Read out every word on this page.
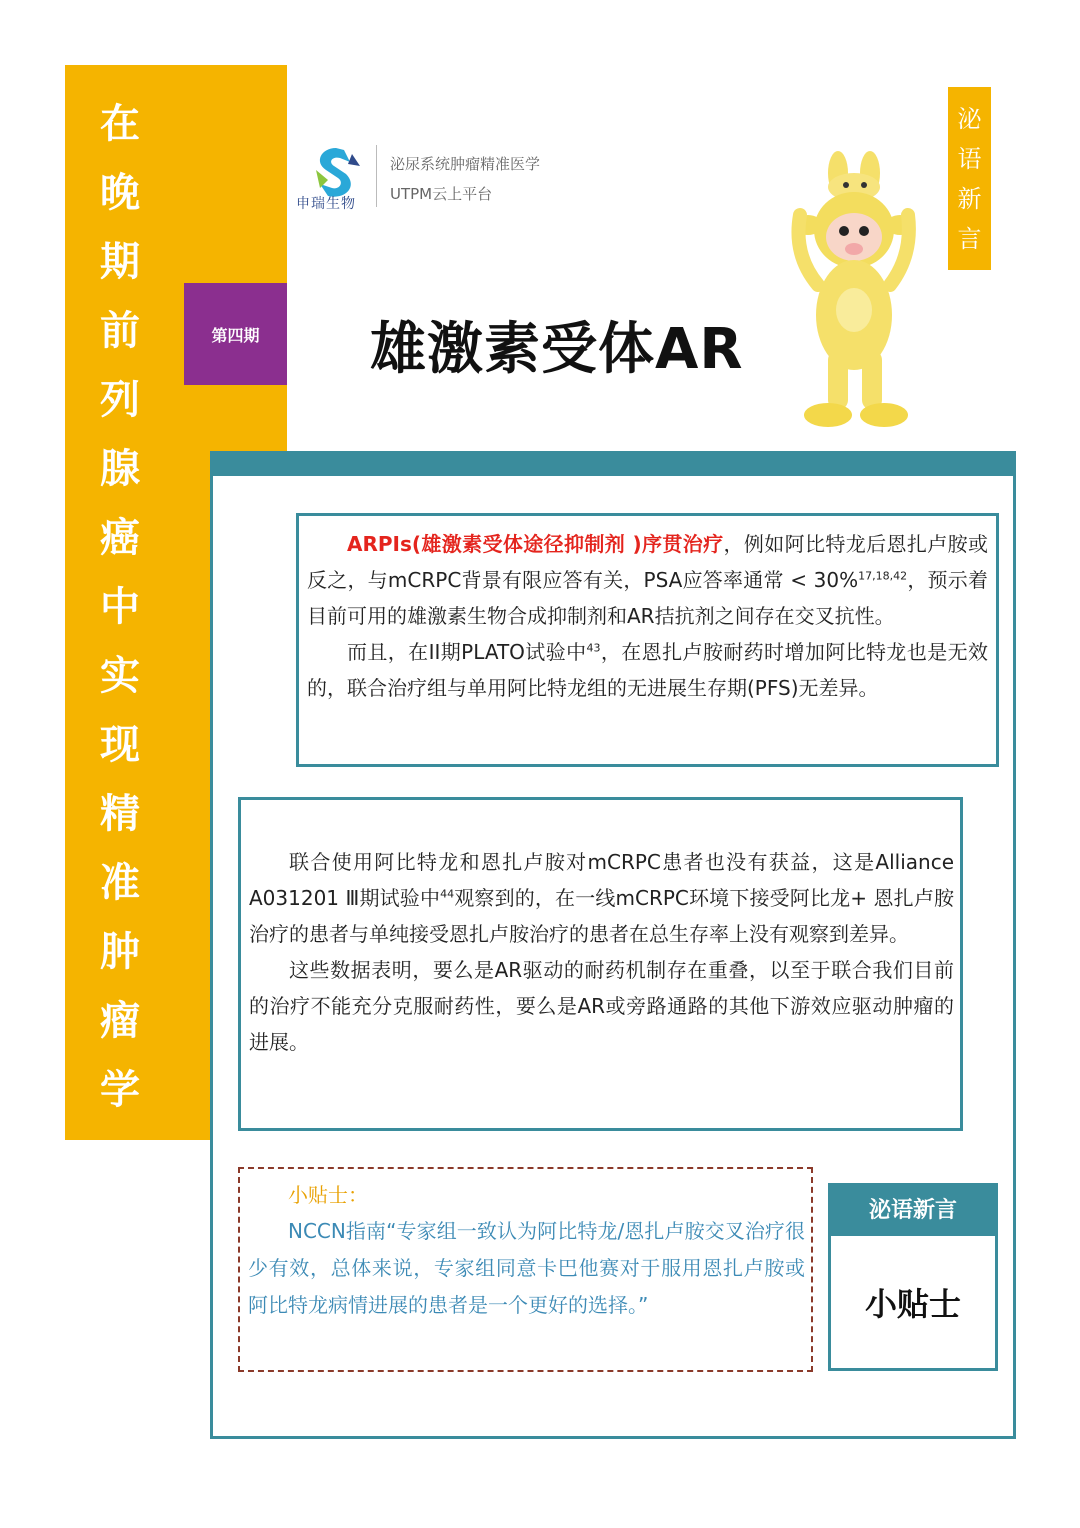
在
晚
期
前
列
腺
癌
中
实
现
精
准
肿
瘤
学
第四期
申瑞生物
泌尿系统肿瘤精准医学
UTPM云上平台
雄激素受体AR
泌
语
新
言

ARPIs(雄激素受体途径抑制剂 )序贯治疗，例如阿比特龙后恩扎卢胺或反之，与mCRPC背景有限应答有关，PSA应答率通常 < 30%$^{17,18,42}$，预示着目前可用的雄激素生物合成抑制剂和AR拮抗剂之间存在交叉抗性。

而且，在II期PLATO试验中$^{43}$，在恩扎卢胺耐药时增加阿比特龙也是无效的，联合治疗组与单用阿比特龙组的无进展生存期(PFS)无差异。

联合使用阿比特龙和恩扎卢胺对mCRPC患者也没有获益，这是Alliance A031201 Ⅲ期试验中$^{44}$观察到的，在一线mCRPC环境下接受阿比龙+ 恩扎卢胺治疗的患者与单纯接受恩扎卢胺治疗的患者在总生存率上没有观察到差异。

这些数据表明，要么是AR驱动的耐药机制存在重叠，以至于联合我们目前的治疗不能充分克服耐药性，要么是AR或旁路通路的其他下游效应驱动肿瘤的进展。

小贴士：

NCCN指南“专家组一致认为阿比特龙/恩扎卢胺交叉治疗很少有效，总体来说，专家组同意卡巴他赛对于服用恩扎卢胺或阿比特龙病情进展的患者是一个更好的选择。”

泌语新言
小贴士
